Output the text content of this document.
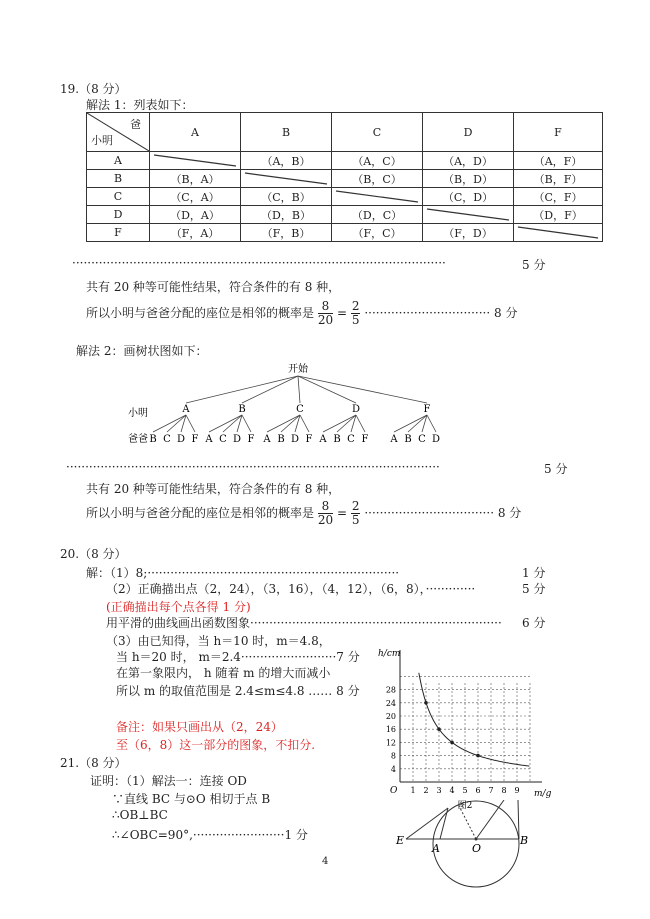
19.（8 分）
解法 1：列表如下：
爸
小明	A	B	C	D	F
A		（A，B）	（A，C）	（A，D）	（A，F）
B	（B，A）		（B，C）	（B，D）	（B，F）
C	（C，A）	（C，B）		（C，D）	（C，F）
D	（D，A）	（D，B）	（D，C）		（D，F）
F	（F，A）	（F，B）	（F，C）	（F，D）	
··································································································	5 分
共有 20 种等可能性结果，符合条件的有 8 种，
所以小明与爸爸分配的座位是相邻的概率是 $\frac{8}{20} = \frac{2}{5}$ ································· 8 分
解法 2：画树状图如下：
开始
小明
爸爸
A
B C D F
B
A C D F
C
A B D F
D
A B C F
F
A B C D
··································································································	5 分
共有 20 种等可能性结果，符合条件的有 8 种，
所以小明与爸爸分配的座位是相邻的概率是 $\frac{8}{20} = \frac{2}{5}$ ·································· 8 分
20.（8 分）
解：（1）8;··································································	1 分
（2）正确描出点（2，24），（3，16），（4，12），（6，8），·············	5 分
(正确描出每个点各得 1 分)
用平滑的曲线画出函数图象·································································· 6 分
（3）由已知得，当 h＝10 时，m＝4.8，
当 h＝20 时， m＝2.4·························7 分
在第一象限内， h 随着 m 的增大而减小
所以 m 的取值范围是 2.4≤m≤4.8 …… 8 分
备注：如果只画出从（2，24）
至（6，8）这一部分的图象，不扣分.
4
8
12
16
20
24
28
1 2 3 4 5 6 7 8 9
h/cm
m/g
O
图2
21.（8 分）
证明：（1）解法一：连接 OD
∵直线 BC 与⊙O 相切于点 B
∴OB⊥BC
∴∠OBC=90°,························1 分	E
A	O
B
4
